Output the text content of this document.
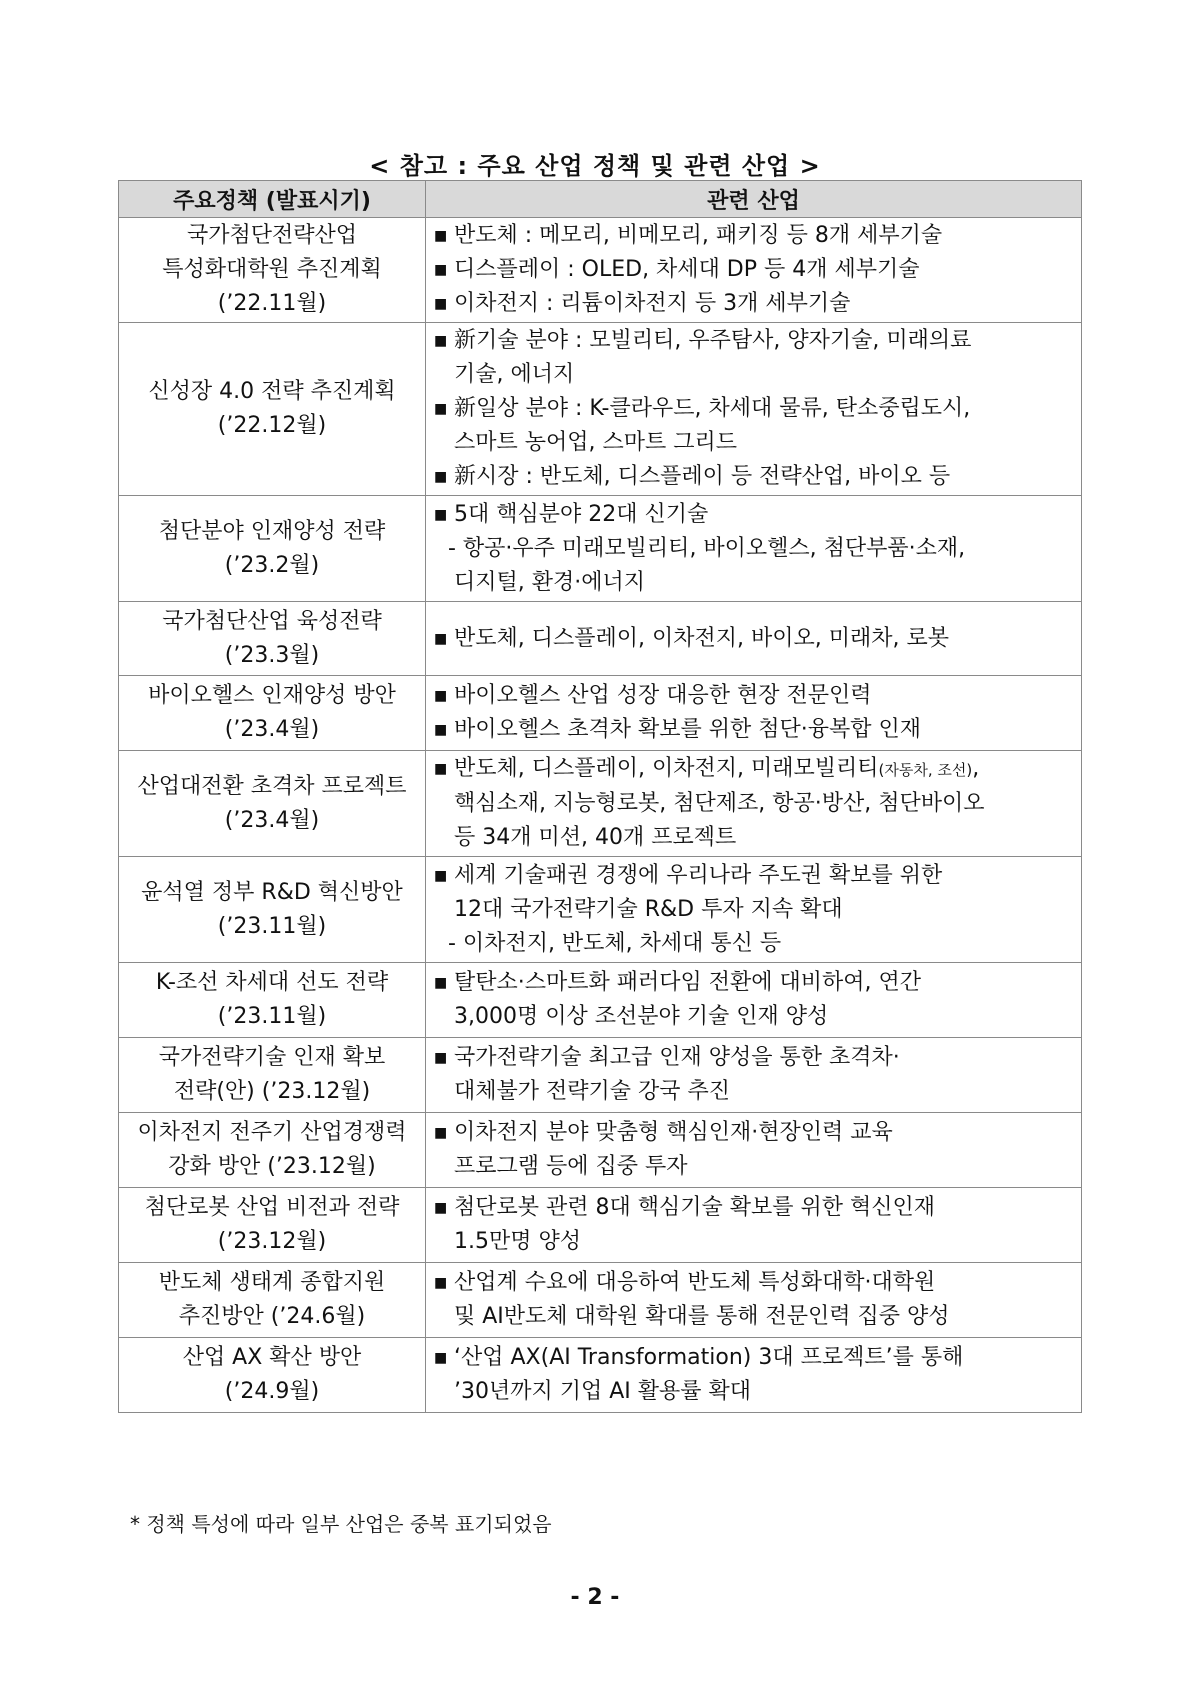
< 참고 : 주요 산업 정책 및 관련 산업 >
주요정책 (발표시기)	관련 산업

국가첨단전략산업
특성화대학원 추진계획
(’22.11월)	■ 반도체 : 메모리, 비메모리, 패키징 등 8개 세부기술
■ 디스플레이 : OLED, 차세대 DP 등 4개 세부기술
■ 이차전지 : 리튬이차전지 등 3개 세부기술

신성장 4.0 전략 추진계획
(’22.12월)	■ 新기술 분야 : 모빌리티, 우주탐사, 양자기술, 미래의료
기술, 에너지
■ 新일상 분야 : K-클라우드, 차세대 물류, 탄소중립도시,
스마트 농어업, 스마트 그리드
■ 新시장 : 반도체, 디스플레이 등 전략산업, 바이오 등

첨단분야 인재양성 전략
(’23.2월)	■ 5대 핵심분야 22대 신기술
- 항공·우주 미래모빌리티, 바이오헬스, 첨단부품·소재,
디지털, 환경·에너지

국가첨단산업 육성전략
(’23.3월)	■ 반도체, 디스플레이, 이차전지, 바이오, 미래차, 로봇

바이오헬스 인재양성 방안
(’23.4월)	■ 바이오헬스 산업 성장 대응한 현장 전문인력
■ 바이오헬스 초격차 확보를 위한 첨단·융복합 인재

산업대전환 초격차 프로젝트
(’23.4월)	■ 반도체, 디스플레이, 이차전지, 미래모빌리티(자동차, 조선),
핵심소재, 지능형로봇, 첨단제조, 항공·방산, 첨단바이오
등 34개 미션, 40개 프로젝트

윤석열 정부 R&D 혁신방안
(’23.11월)	■ 세계 기술패권 경쟁에 우리나라 주도권 확보를 위한
12대 국가전략기술 R&D 투자 지속 확대
- 이차전지, 반도체, 차세대 통신 등

K-조선 차세대 선도 전략
(’23.11월)	■ 탈탄소·스마트화 패러다임 전환에 대비하여, 연간
3,000명 이상 조선분야 기술 인재 양성

국가전략기술 인재 확보
전략(안) (’23.12월)	■ 국가전략기술 최고급 인재 양성을 통한 초격차·
대체불가 전략기술 강국 추진

이차전지 전주기 산업경쟁력
강화 방안 (’23.12월)	■ 이차전지 분야 맞춤형 핵심인재·현장인력 교육
프로그램 등에 집중 투자

첨단로봇 산업 비전과 전략
(’23.12월)	■ 첨단로봇 관련 8대 핵심기술 확보를 위한 혁신인재
1.5만명 양성

반도체 생태계 종합지원
추진방안 (’24.6월)	■ 산업계 수요에 대응하여 반도체 특성화대학·대학원
및 AI반도체 대학원 확대를 통해 전문인력 집중 양성

산업 AX 확산 방안
(’24.9월)	■ ‘산업 AX(AI Transformation) 3대 프로젝트’를 통해
’30년까지 기업 AI 활용률 확대
* 정책 특성에 따라 일부 산업은 중복 표기되었음
- 2 -
